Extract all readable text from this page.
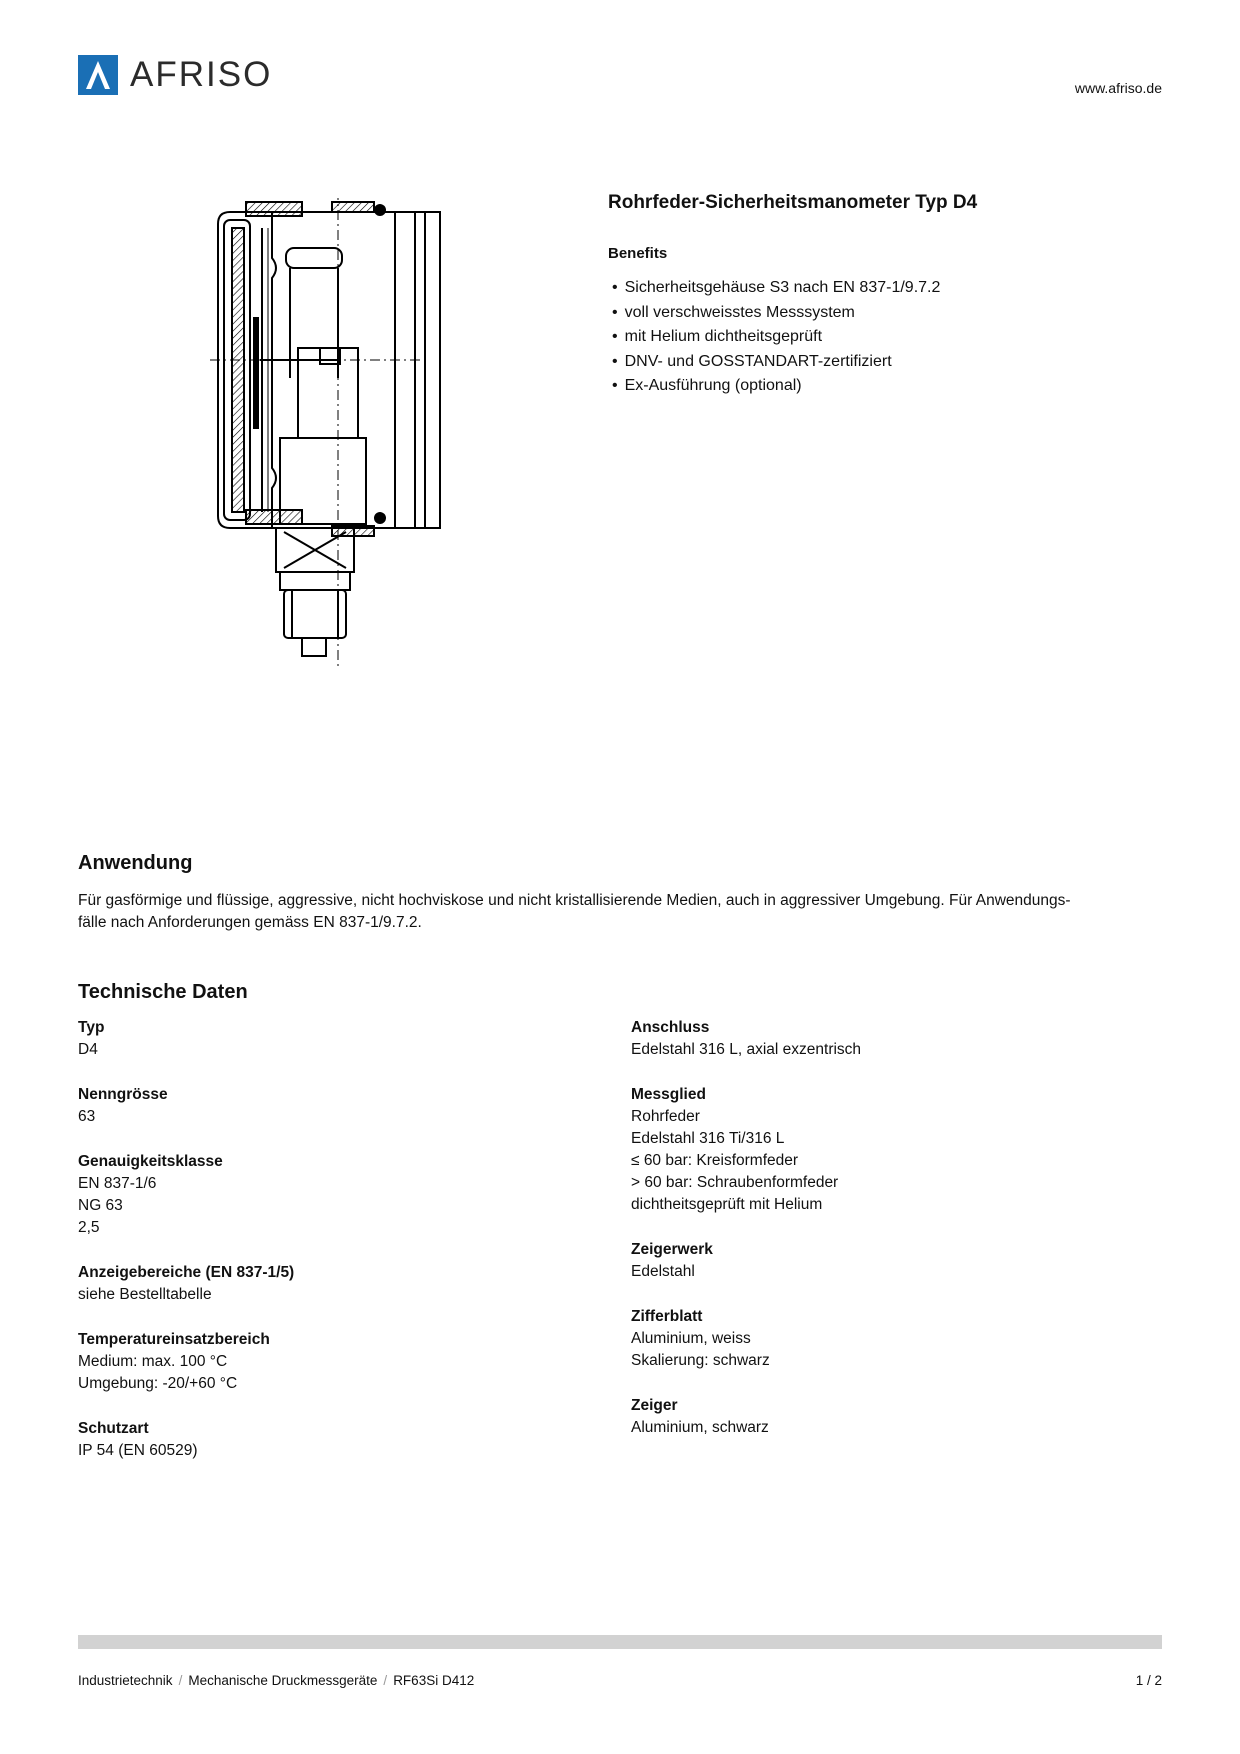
AFRISO	www.afriso.de
Rohrfeder-Sicherheitsmanometer Typ D4
Benefits
• Sicherheitsgehäuse S3 nach EN 837-1/9.7.2
• voll verschweisstes Messsystem
• mit Helium dichtheitsgeprüft
• DNV- und GOSSTANDART-zertifiziert
• Ex-Ausführung (optional)
Anwendung
Für gasförmige und flüssige, aggressive, nicht hochviskose und nicht kristallisierende Medien, auch in aggressiver Umgebung. Für Anwendungs-
fälle nach Anforderungen gemäss EN 837-1/9.7.2.
Technische Daten
Typ
D4
Nenngrösse
63
Genauigkeitsklasse
EN 837-1/6
NG 63
2,5
Anzeigebereiche (EN 837-1/5)
siehe Bestelltabelle
Temperatureinsatzbereich
Medium: max. 100 °C
Umgebung: -20/+60 °C
Schutzart
IP 54 (EN 60529)
Anschluss
Edelstahl 316 L, axial exzentrisch
Messglied
Rohrfeder
Edelstahl 316 Ti/316 L
≤ 60 bar: Kreisformfeder
> 60 bar: Schraubenformfeder
dichtheitsgeprüft mit Helium
Zeigerwerk
Edelstahl
Zifferblatt
Aluminium, weiss
Skalierung: schwarz
Zeiger
Aluminium, schwarz
Industrietechnik / Mechanische Druckmessgeräte / RF63Si D412	1 / 2
